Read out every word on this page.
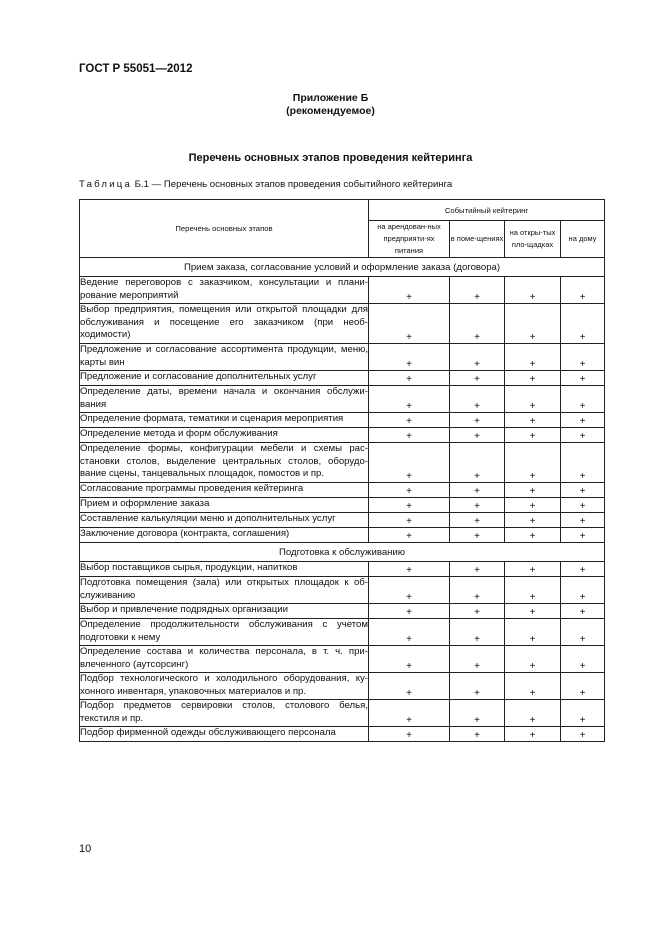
ГОСТ Р 55051—2012
Приложение Б
(рекомендуемое)
Перечень основных этапов проведения кейтеринга
Таблица Б.1 — Перечень основных этапов проведения событийного кейтеринга
Перечень основных этапов	Событийный кейтеринг			
	на арендован-ных предприяти-ях питания	в поме-щениях	на откры-тых пло-щадках	на дому
Прием заказа, согласование условий и оформление заказа (договора)				
Ведение переговоров с заказчиком, консультации и плани-рование мероприятий	+	+	+	+
Выбор предприятия, помещения или открытой площадки для обслуживания и посещение его заказчиком (при необ-ходимости)	+	+	+	+
Предложение и согласование ассортимента продукции, меню, карты вин	+	+	+	+
Предложение и согласование дополнительных услуг	+	+	+	+
Определение даты, времени начала и окончания обслужи-вания	+	+	+	+
Определение формата, тематики и сценария мероприятия	+	+	+	+
Определение метода и форм обслуживания	+	+	+	+
Определение формы, конфигурации мебели и схемы рас-становки столов, выделение центральных столов, оборудо-вание сцены, танцевальных площадок, помостов и пр.	+	+	+	+
Согласование программы проведения кейтеринга	+	+	+	+
Прием и оформление заказа	+	+	+	+
Составление калькуляции меню и дополнительных услуг	+	+	+	+
Заключение договора (контракта, соглашения)	+	+	+	+
Подготовка к обслуживанию				
Выбор поставщиков сырья, продукции, напитков	+	+	+	+
Подготовка помещения (зала) или открытых площадок к об-служиванию	+	+	+	+
Выбор и привлечение подрядных организации	+	+	+	+
Определение продолжительности обслуживания с учетом подготовки к нему	+	+	+	+
Определение состава и количества персонала, в т. ч. при-влеченного (аутсорсинг)	+	+	+	+
Подбор технологического и холодильного оборудования, ку-хонного инвентаря, упаковочных материалов и пр.	+	+	+	+
Подбор предметов сервировки столов, столового белья, текстиля и пр.	+	+	+	+
Подбор фирменной одежды обслуживающего персонала	+	+	+	+
10
